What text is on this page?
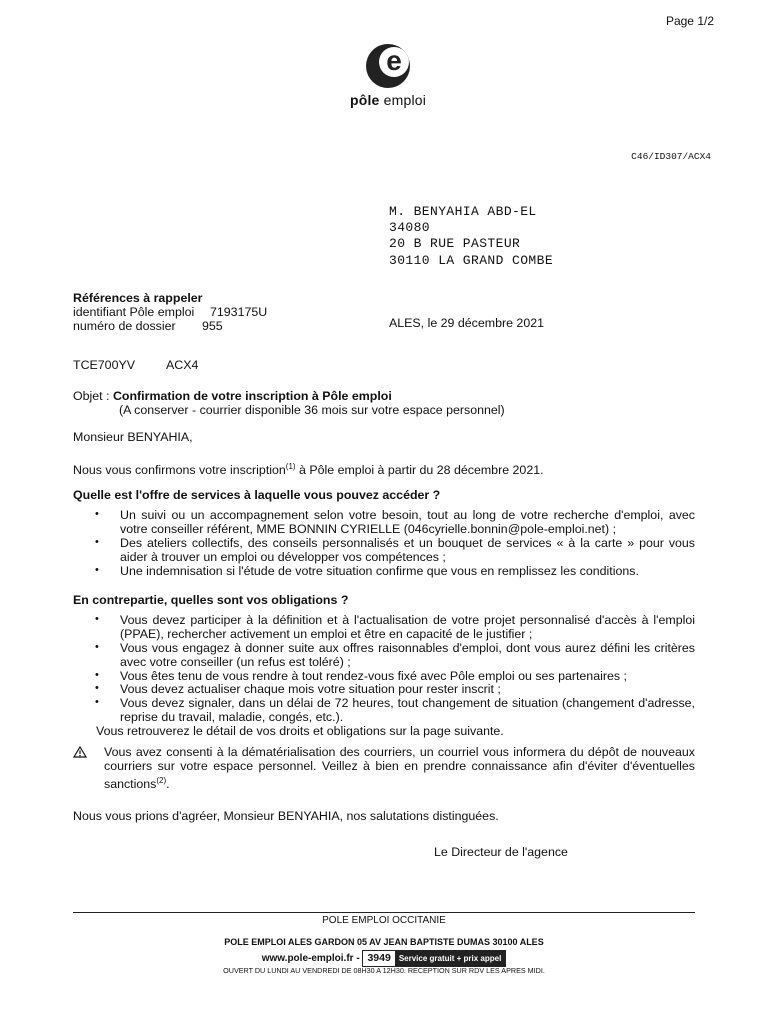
Page 1/2
e
pôle emploi
C46/ID307/ACX4
M. BENYAHIA ABD-EL
34080
20 B RUE PASTEUR
30110 LA GRAND COMBE
Références à rappeler
identifiant Pôle emploi 7193175U
numéro de dossier 955	ALES, le 29 décembre 2021
TCE700YV	ACX4
Objet : Confirmation de votre inscription à Pôle emploi
(A conserver - courrier disponible 36 mois sur votre espace personnel)
Monsieur BENYAHIA,
Nous vous confirmons votre inscription$^{(1)}$ à Pôle emploi à partir du 28 décembre 2021.
Quelle est l'offre de services à laquelle vous pouvez accéder ?
• Un suivi ou un accompagnement selon votre besoin, tout au long de votre recherche d'emploi, avec votre conseiller référent, MME BONNIN CYRIELLE (046cyrielle.bonnin@pole-emploi.net) ;
• Des ateliers collectifs, des conseils personnalisés et un bouquet de services « à la carte » pour vous aider à trouver un emploi ou développer vos compétences ;
• Une indemnisation si l'étude de votre situation confirme que vous en remplissez les conditions.
En contrepartie, quelles sont vos obligations ?
• Vous devez participer à la définition et à l'actualisation de votre projet personnalisé d'accès à l'emploi (PPAE), rechercher activement un emploi et être en capacité de le justifier ;
• Vous vous engagez à donner suite aux offres raisonnables d'emploi, dont vous aurez défini les critères avec votre conseiller (un refus est toléré) ;
• Vous êtes tenu de vous rendre à tout rendez-vous fixé avec Pôle emploi ou ses partenaires ;
• Vous devez actualiser chaque mois votre situation pour rester inscrit ;
• Vous devez signaler, dans un délai de 72 heures, tout changement de situation (changement d'adresse, reprise du travail, maladie, congés, etc.).
Vous retrouverez le détail de vos droits et obligations sur la page suivante.
Vous avez consenti à la dématérialisation des courriers, un courriel vous informera du dépôt de nouveaux courriers sur votre espace personnel. Veillez à bien en prendre connaissance afin d'éviter d'éventuelles sanctions$^{(2)}$.
Nous vous prions d'agréer, Monsieur BENYAHIA, nos salutations distinguées.
Le Directeur de l'agence
POLE EMPLOI OCCITANIE
POLE EMPLOI ALES GARDON 05 AV JEAN BAPTISTE DUMAS 30100 ALES
www.pole-emploi.fr - 3949 Service gratuit + prix appel
OUVERT DU LUNDI AU VENDREDI DE 08H30 A 12H30. RECEPTION SUR RDV LES APRES MIDI.
